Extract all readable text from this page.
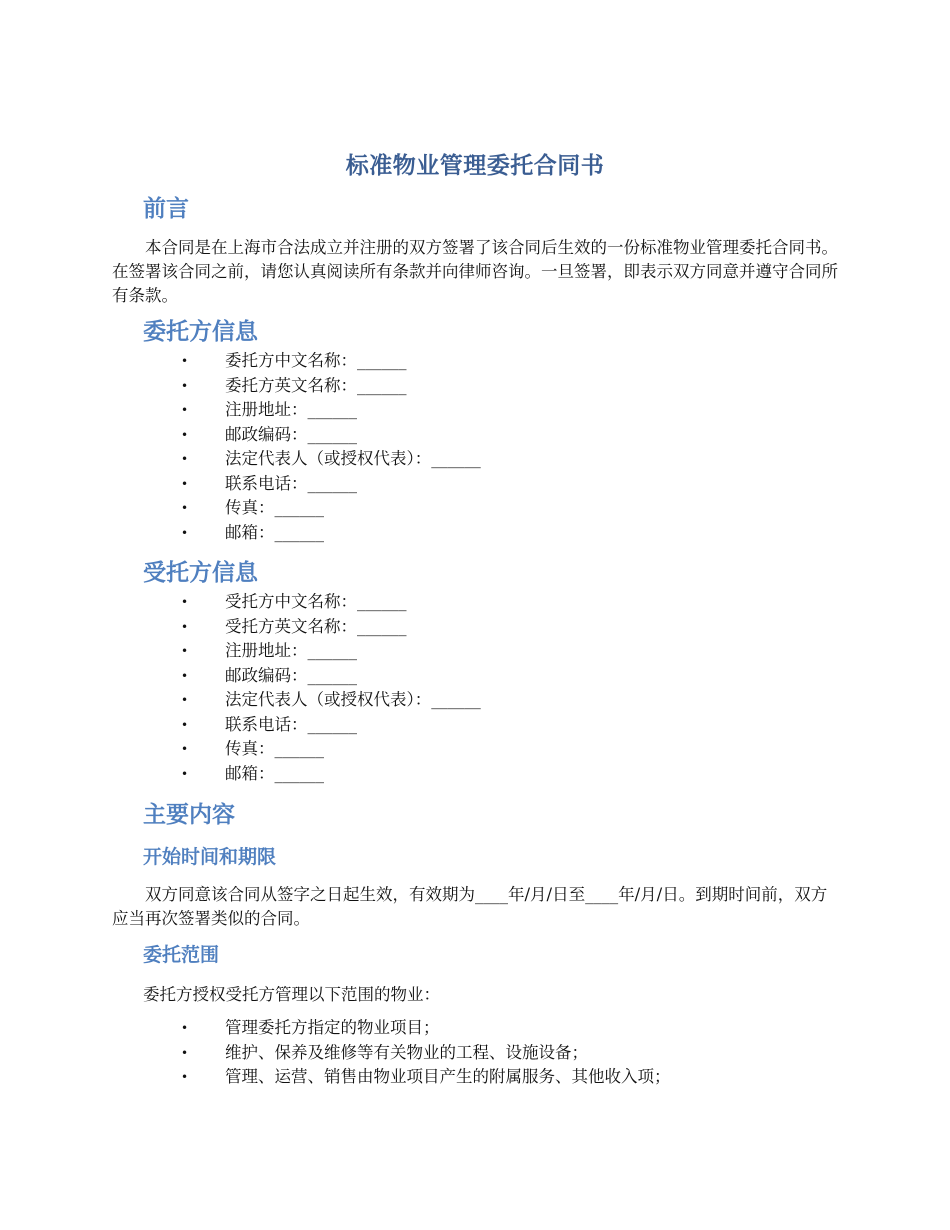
标准物业管理委托合同书
前言

本合同是在上海市合法成立并注册的双方签署了该合同后生效的一份标准物业管理委托合同书。在签署该合同之前，请您认真阅读所有条款并向律师咨询。一旦签署，即表示双方同意并遵守合同所有条款。

委托方信息
• 委托方中文名称：______
• 委托方英文名称：______
• 注册地址：______
• 邮政编码：______
• 法定代表人（或授权代表）：______
• 联系电话：______
• 传真：______
• 邮箱：______
受托方信息
• 受托方中文名称：______
• 受托方英文名称：______
• 注册地址：______
• 邮政编码：______
• 法定代表人（或授权代表）：______
• 联系电话：______
• 传真：______
• 邮箱：______
主要内容
开始时间和期限

双方同意该合同从签字之日起生效，有效期为____年/月/日至____年/月/日。到期时间前，双方应当再次签署类似的合同。

委托范围

委托方授权受托方管理以下范围的物业：

• 管理委托方指定的物业项目；
• 维护、保养及维修等有关物业的工程、设施设备；
• 管理、运营、销售由物业项目产生的附属服务、其他收入项；
